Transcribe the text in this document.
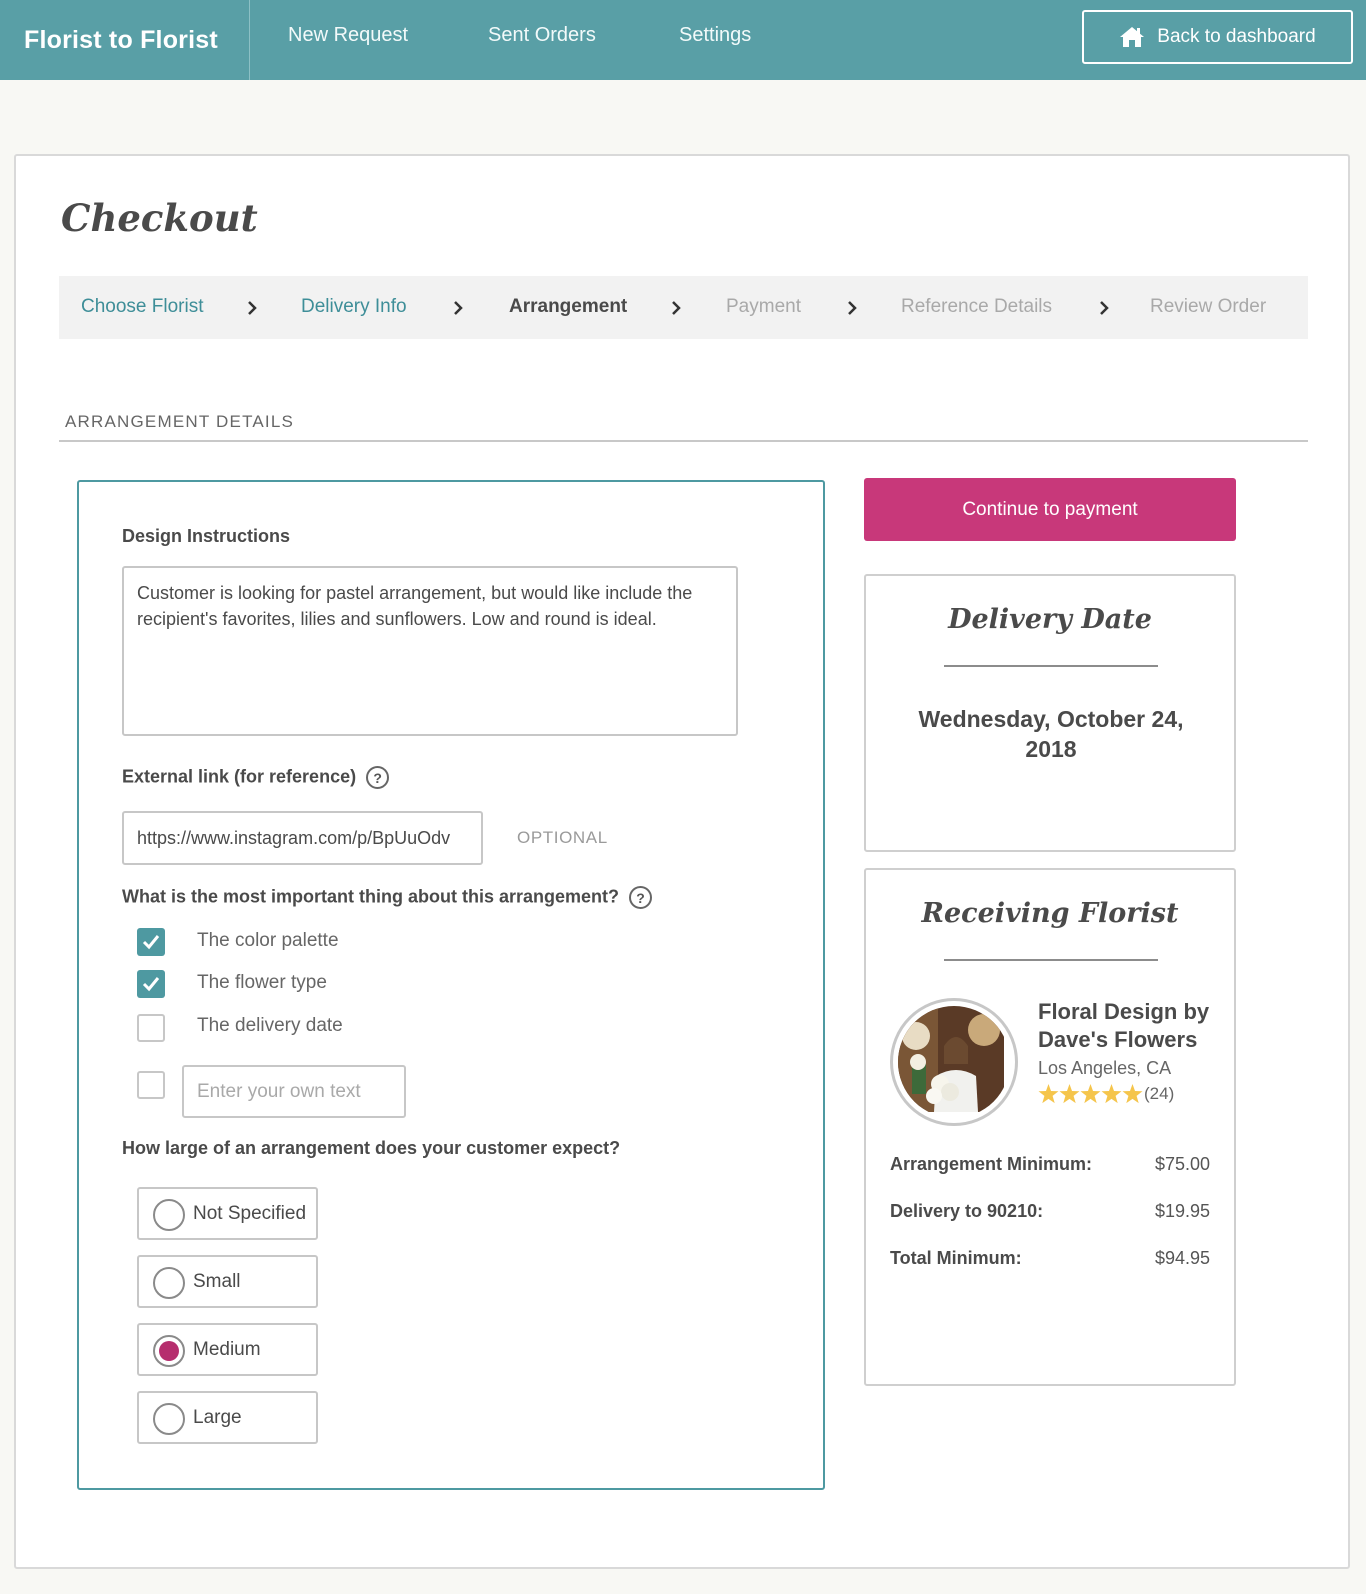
Florist to Florist	New Request	Sent Orders	Settings	Back to dashboard
Checkout
Choose Florist	Delivery Info	Arrangement	Payment	Reference Details	Review Order
ARRANGEMENT DETAILS
Design Instructions
Customer is looking for pastel arrangement, but would like include the recipient's favorites, lilies and sunflowers. Low and round is ideal.
External link (for reference) ?
https://www.instagram.com/p/BpUuOdv
OPTIONAL
What is the most important thing about this arrangement? ?
The color palette
The flower type
The delivery date
Enter your own text
How large of an arrangement does your customer expect?
Not Specified
Small
Medium
Large
Continue to payment
Delivery Date
Wednesday, October 24, 2018
Receiving Florist
Floral Design by Dave's Flowers
Los Angeles, CA
(24)
Arrangement Minimum:	$75.00
Delivery to 90210:	$19.95
Total Minimum:	$94.95
